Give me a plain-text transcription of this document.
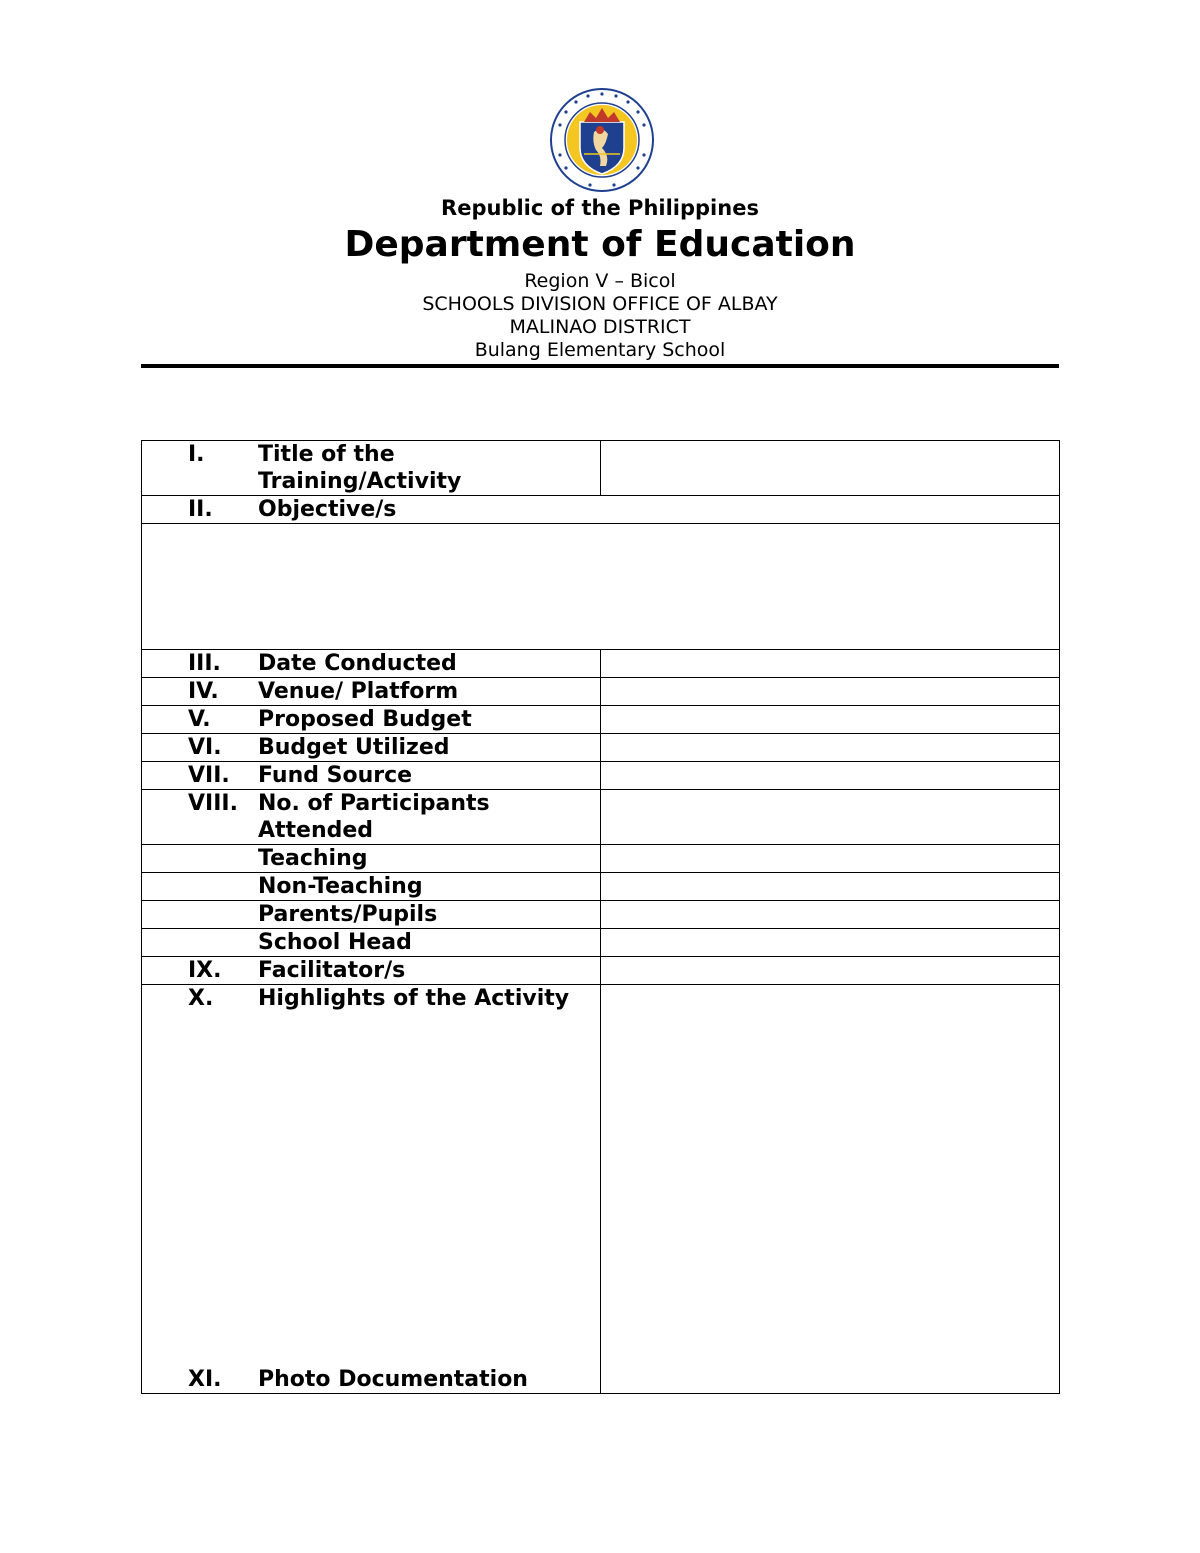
Republic of the Philippines
Department of Education
Region V – Bicol
SCHOOLS DIVISION OFFICE OF ALBAY
MALINAO DISTRICT
Bulang Elementary School
I. Title of the Training/Activity	

II. Objective/s	

III. Date Conducted	

IV. Venue/ Platform	

V. Proposed Budget	

VI. Budget Utilized	

VII. Fund Source	

VIII. No. of Participants Attended	

Teaching	

Non-Teaching	

Parents/Pupils	

School Head	

IX. Facilitator/s	

X. Highlights of the Activity
XI. Photo Documentation	
